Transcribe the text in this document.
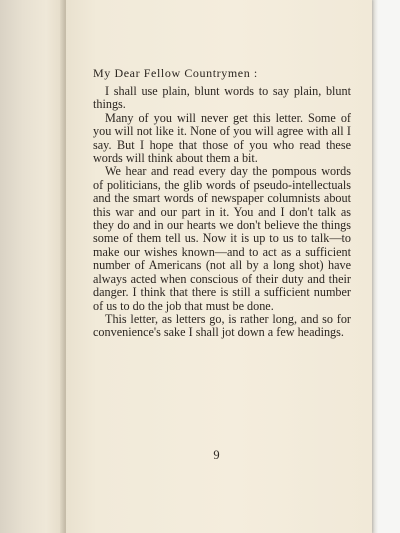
My Dear Fellow Countrymen :

I shall use plain, blunt words to say plain, blunt things.

Many of you will never get this letter. Some of you will not like it. None of you will agree with all I say. But I hope that those of you who read these words will think about them a bit.

We hear and read every day the pompous words of politicians, the glib words of pseudo-intellectuals and the smart words of newspaper columnists about this war and our part in it. You and I don't talk as they do and in our hearts we don't believe the things some of them tell us. Now it is up to us to talk—to make our wishes known—and to act as a sufficient number of Americans (not all by a long shot) have always acted when conscious of their duty and their danger. I think that there is still a sufficient number of us to do the job that must be done.

This letter, as letters go, is rather long, and so for convenience's sake I shall jot down a few headings.

9
